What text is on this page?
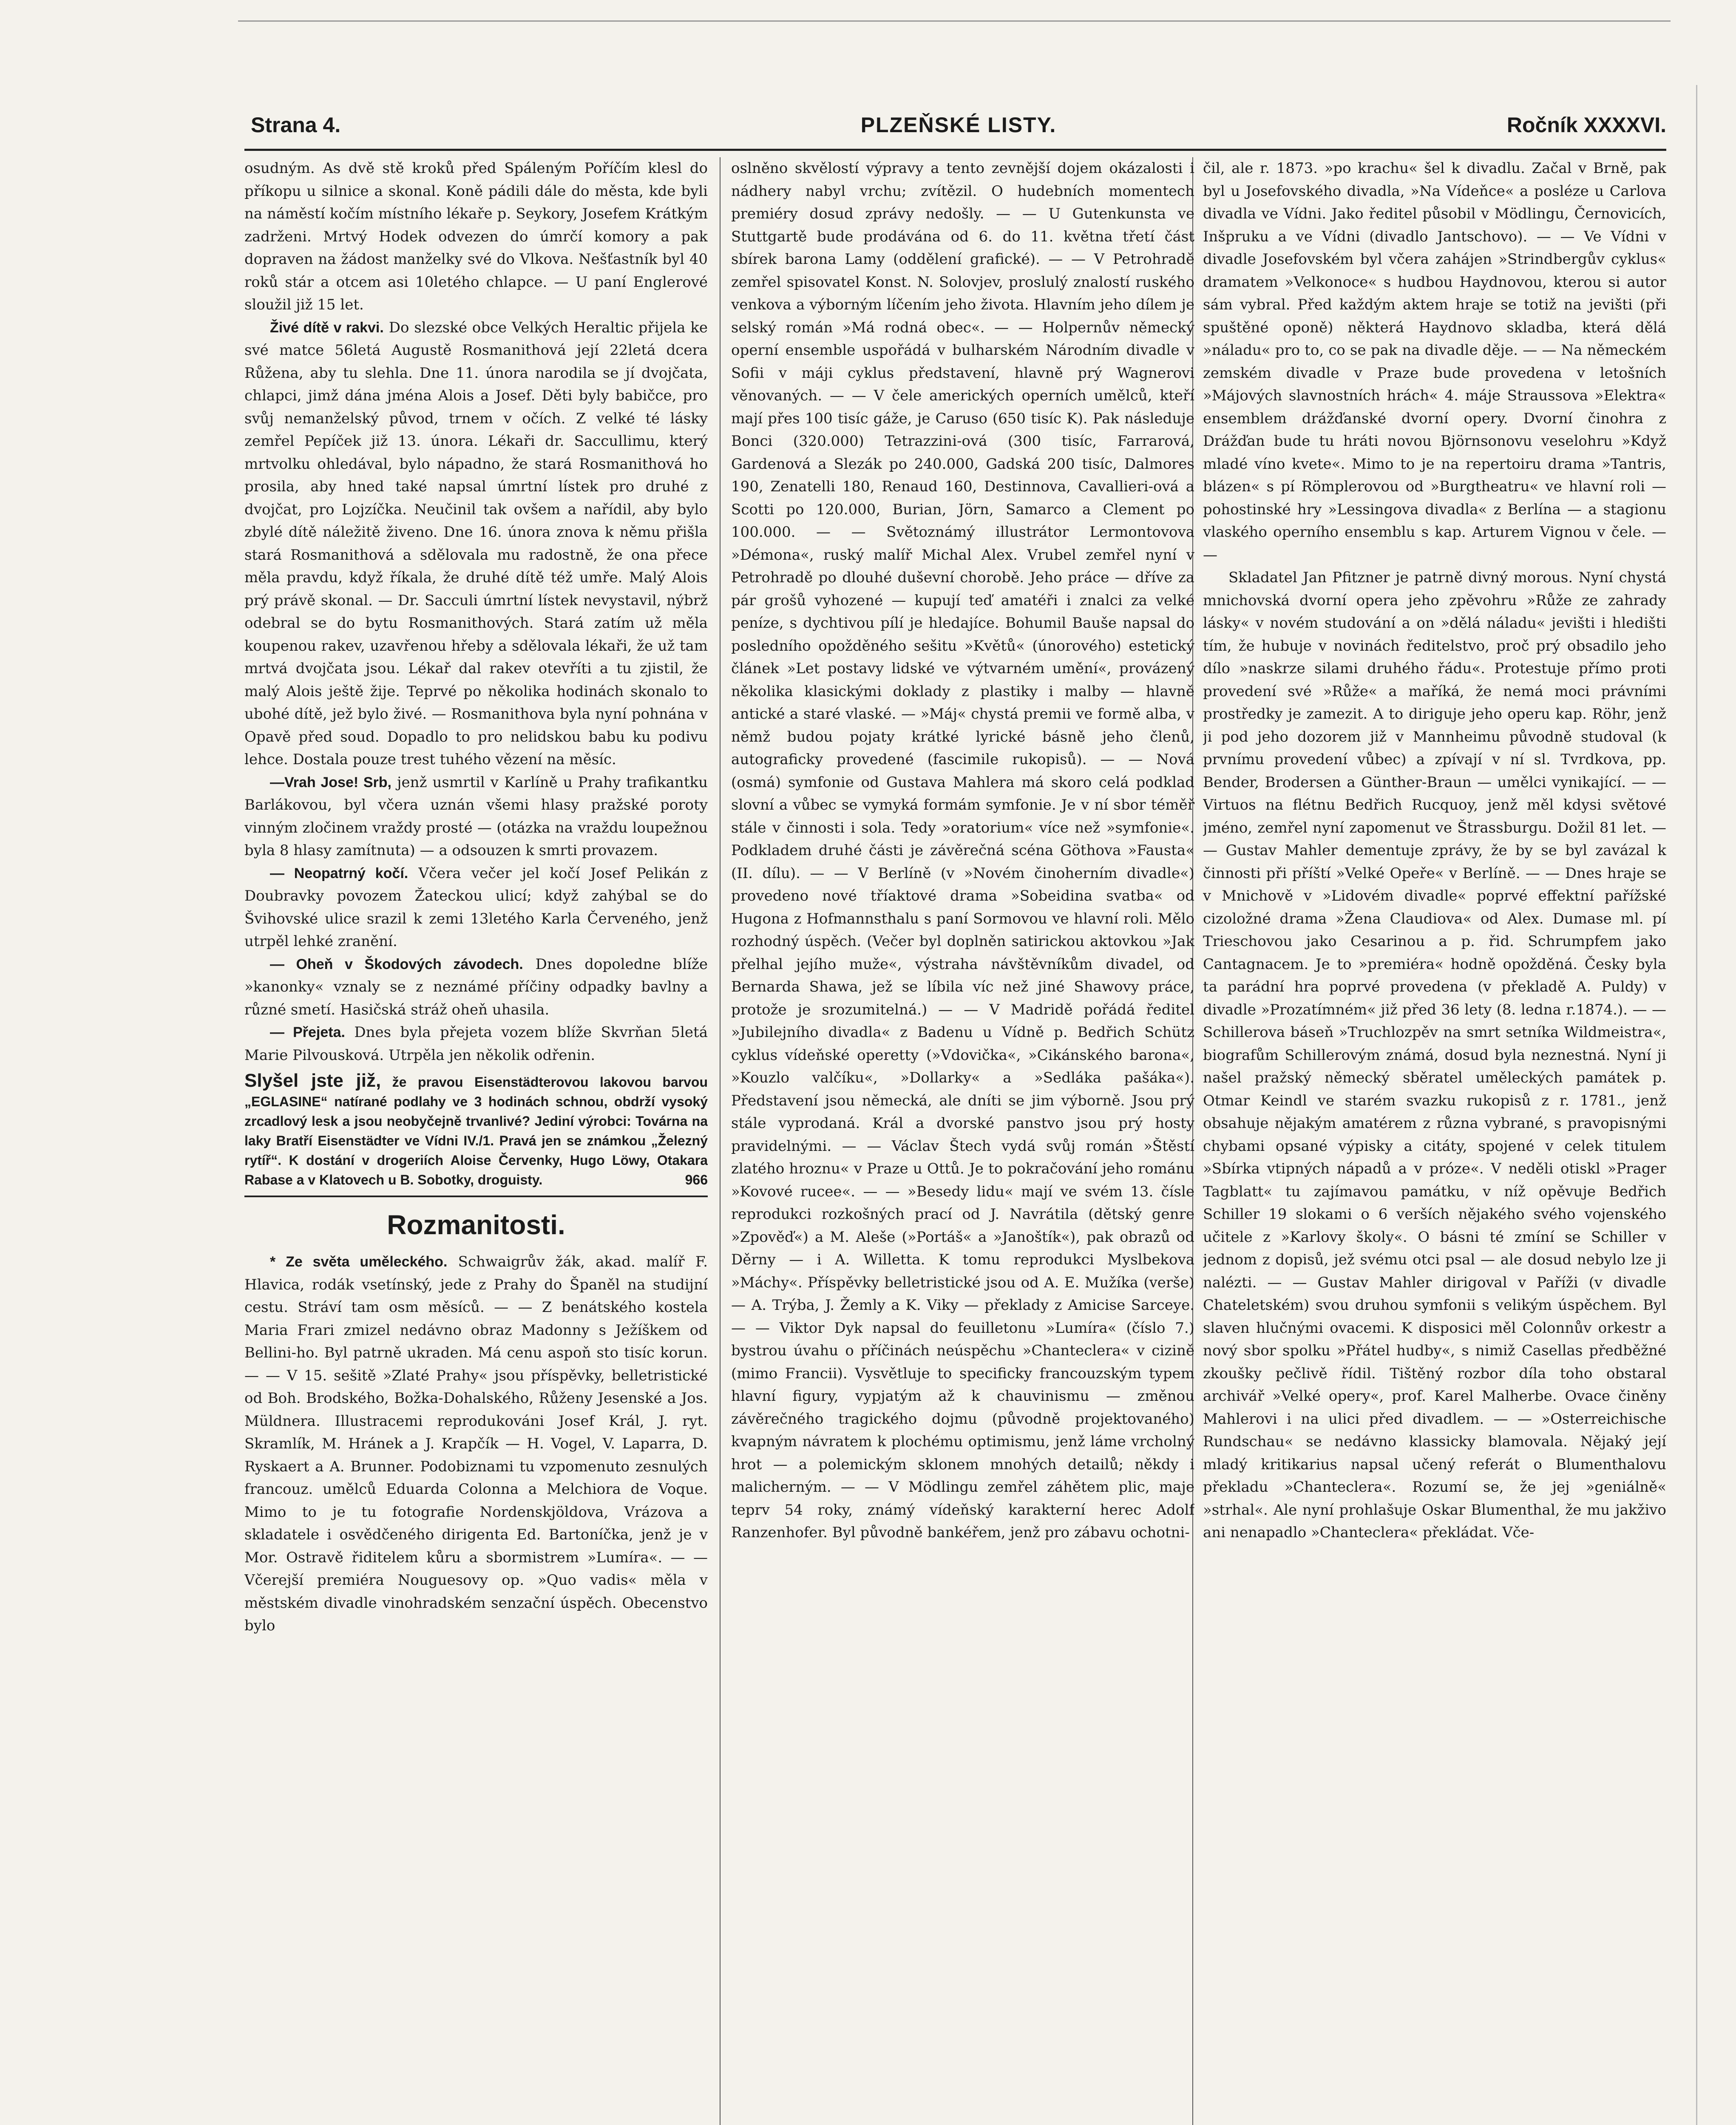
PLZEŇSKÉ LISTY.
Strana 4.	Ročník XXXXVI.

osudným. As dvě stě kroků před Spáleným Poříčím klesl do příkopu u silnice a skonal. Koně pádili dále do města, kde byli na náměstí kočím místního lékaře p. Seykory, Josefem Krátkým zadrženi. Mrtvý Hodek odvezen do úmrčí komory a pak dopraven na žádost manželky své do Vlkova. Nešťastník byl 40 roků stár a otcem asi 10letého chlapce. — U paní Englerové sloužil již 15 let.

Živé dítě v rakvi. Do slezské obce Velkých Heraltic přijela ke své matce 56letá Augustě Rosmanithová její 22letá dcera Růžena, aby tu slehla. Dne 11. února narodila se jí dvojčata, chlapci, jimž dána jména Alois a Josef. Děti byly babičce, pro svůj nemanželský původ, trnem v očích. Z velké té lásky zemřel Pepíček již 13. února. Lékaři dr. Saccullimu, který mrtvolku ohledával, bylo nápadno, že stará Rosmanithová ho prosila, aby hned také napsal úmrtní lístek pro druhé z dvojčat, pro Lojzíčka. Neučinil tak ovšem a nařídil, aby bylo zbylé dítě náležitě živeno. Dne 16. února znova k němu přišla stará Rosmanithová a sdělovala mu radostně, že ona přece měla pravdu, když říkala, že druhé dítě též umře. Malý Alois prý právě skonal. — Dr. Sacculi úmrtní lístek nevystavil, nýbrž odebral se do bytu Rosmanithových. Stará zatím už měla koupenou rakev, uzavřenou hřeby a sdělovala lékaři, že už tam mrtvá dvojčata jsou. Lékař dal rakev otevříti a tu zjistil, že malý Alois ještě žije. Teprvé po několika hodinách skonalo to ubohé dítě, jež bylo živé. — Rosmanithova byla nyní pohnána v Opavě před soud. Dopadlo to pro nelidskou babu ku podivu lehce. Dostala pouze trest tuhého vězení na měsíc.

—Vrah Jose! Srb, jenž usmrtil v Karlíně u Prahy trafikantku Barlákovou, byl včera uznán všemi hlasy pražské poroty vinným zločinem vraždy prosté — (otázka na vraždu loupežnou byla 8 hlasy zamítnuta) — a odsouzen k smrti provazem.

— Neopatrný kočí. Včera večer jel kočí Josef Pelikán z Doubravky povozem Žateckou ulicí; když zahýbal se do Švihovské ulice srazil k zemi 13letého Karla Červeného, jenž utrpěl lehké zranění.

— Oheň v Škodových závodech. Dnes dopoledne blíže »kanonky« vznaly se z neznámé příčiny odpadky bavlny a různé smetí. Hasičská stráž oheň uhasila.

— Přejeta. Dnes byla přejeta vozem blíže Skvrňan 5letá Marie Pilvousková. Utrpěla jen několik odřenin.

Slyšel jste již, že pravou Eisenstädterovou lakovou barvou „EGLASINE“ natírané podlahy ve 3 hodinách schnou, obdrží vysoký zrcadlový lesk a jsou neobyčejně trvanlivé? Jediní výrobci: Továrna na laky Bratří Eisenstädter ve Vídni IV./1. Pravá jen se známkou „Železný rytíř“. K dostání v drogeriích Aloise Červenky, Hugo Löwy, Otakara Rabase a v Klatovech u B. Sobotky, droguisty.	966
Rozmanitosti.

* Ze světa uměleckého. Schwaigrův žák, akad. malíř F. Hlavica, rodák vsetínský, jede z Prahy do Španěl na studijní cestu. Stráví tam osm měsíců. — — Z benátského kostela Maria Frari zmizel nedávno obraz Madonny s Ježíškem od Bellini-ho. Byl patrně ukraden. Má cenu aspoň sto tisíc korun. — — V 15. sešitě »Zlaté Prahy« jsou příspěvky, belletristické od Boh. Brodského, Božka-Dohalského, Růženy Jesenské a Jos. Müldnera. Illustracemi reprodukováni Josef Král, J. ryt. Skramlík, M. Hránek a J. Krapčík — H. Vogel, V. Laparra, D. Ryskaert a A. Brunner. Podobiznami tu vzpomenuto zesnulých francouz. umělců Eduarda Colonna a Melchiora de Voque. Mimo to je tu fotografie Nordenskjöldova, Vrázova a skladatele i osvědčeného dirigenta Ed. Bartoníčka, jenž je v Mor. Ostravě řiditelem kůru a sbormistrem »Lumíra«. — — Včerejší premiéra Nouguesovy op. »Quo vadis« měla v městském divadle vinohradském senzační úspěch. Obecenstvo bylo

oslněno skvělostí výpravy a tento zevnější dojem okázalosti i nádhery nabyl vrchu; zvítězil. O hudebních momentech premiéry dosud zprávy nedošly. — — U Gutenkunsta ve Stuttgartě bude prodávána od 6. do 11. května třetí část sbírek barona Lamy (oddělení grafické). — — V Petrohradě zemřel spisovatel Konst. N. Solovjev, proslulý znalostí ruského venkova a výborným líčením jeho života. Hlavním jeho dílem je selský román »Má rodná obec«. — — Holpernův německý operní ensemble uspořádá v bulharském Národním divadle v Sofii v máji cyklus představení, hlavně prý Wagnerovi věnovaných. — — V čele amerických operních umělců, kteří mají přes 100 tisíc gáže, je Caruso (650 tisíc K). Pak následuje Bonci (320.000) Tetrazzini-ová (300 tisíc, Farrarová, Gardenová a Slezák po 240.000, Gadská 200 tisíc, Dalmores 190, Zenatelli 180, Renaud 160, Destinnova, Cavallieri-ová a Scotti po 120.000, Burian, Jörn, Samarco a Clement po 100.000. — — Světoznámý illustrátor Lermontovova »Démona«, ruský malíř Michal Alex. Vrubel zemřel nyní v Petrohradě po dlouhé duševní chorobě. Jeho práce — dříve za pár grošů vyhozené — kupují teď amatéři i znalci za velké peníze, s dychtivou pílí je hledajíce. Bohumil Bauše napsal do posledního opožděného sešitu »Květů« (únorového) estetický článek »Let postavy lidské ve výtvarném umění«, provázený několika klasickými doklady z plastiky i malby — hlavně antické a staré vlaské. — »Máj« chystá premii ve formě alba, v němž budou pojaty krátké lyrické básně jeho členů, autograficky provedené (fascimile rukopisů). — — Nová (osmá) symfonie od Gustava Mahlera má skoro celá podklad slovní a vůbec se vymyká formám symfonie. Je v ní sbor téměř stále v činnosti i sola. Tedy »oratorium« více než »symfonie«. Podkladem druhé části je závěrečná scéna Göthova »Fausta« (II. dílu). — — V Berlíně (v »Novém činoherním divadle«) provedeno nové tříaktové drama »Sobeidina svatba« od Hugona z Hofmannsthalu s paní Sormovou ve hlavní roli. Mělo rozhodný úspěch. (Večer byl doplněn satirickou aktovkou »Jak přelhal jejího muže«, výstraha návštěvníkům divadel, od Bernarda Shawa, jež se líbila víc než jiné Shawovy práce, protože je srozumitelná.) — — V Madridě pořádá ředitel »Jubilejního divadla« z Badenu u Vídně p. Bedřich Schütz cyklus vídeňské operetty (»Vdovička«, »Cikánského barona«, »Kouzlo valčíku«, »Dollarky« a »Sedláka pašáka«). Představení jsou německá, ale dníti se jim výborně. Jsou prý stále vyprodaná. Král a dvorské panstvo jsou prý hosty pravidelnými. — — Václav Štech vydá svůj román »Štěstí zlatého hroznu« v Praze u Ottů. Je to pokračování jeho románu »Kovové rucee«. — — »Besedy lidu« mají ve svém 13. čísle reprodukci rozkošných prací od J. Navrátila (dětský genre »Zpověď«) a M. Aleše (»Portáš« a »Janoštík«), pak obrazů od Děrny — i A. Willetta. K tomu reprodukci Myslbekova »Máchy«. Příspěvky belletristické jsou od A. E. Mužíka (verše) — A. Trýba, J. Žemly a K. Viky — překlady z Amicise Sarceye. — — Viktor Dyk napsal do feuilletonu »Lumíra« (číslo 7.) bystrou úvahu o příčinách neúspěchu »Chanteclera« v cizině (mimo Francii). Vysvětluje to specificky francouzským typem hlavní figury, vypjatým až k chauvinismu — změnou závěrečného tragického dojmu (původně projektovaného) kvapným návratem k plochému optimismu, jenž láme vrcholný hrot — a polemickým sklonem mnohých detailů; někdy i malicherným. — — V Mödlingu zemřel záhětem plic, maje teprv 54 roky, známý vídeňský karakterní herec Adolf Ranzenhofer. Byl původně bankéřem, jenž pro zábavu ochotni-

čil, ale r. 1873. »po krachu« šel k divadlu. Začal v Brně, pak byl u Josefovského divadla, »Na Vídeňce« a posléze u Carlova divadla ve Vídni. Jako ředitel působil v Mödlingu, Černovicích, Inšpruku a ve Vídni (divadlo Jantschovo). — — Ve Vídni v divadle Josefovském byl včera zahájen »Strindbergův cyklus« dramatem »Velkonoce« s hudbou Haydnovou, kterou si autor sám vybral. Před každým aktem hraje se totiž na jevišti (při spuštěné oponě) některá Haydnovo skladba, která dělá »náladu« pro to, co se pak na divadle děje. — — Na německém zemském divadle v Praze bude provedena v letošních »Májových slavnostních hrách« 4. máje Straussova »Elektra« ensemblem drážďanské dvorní opery. Dvorní činohra z Drážďan bude tu hráti novou Björnsonovu veselohru »Když mladé víno kvete«. Mimo to je na repertoiru drama »Tantris, blázen« s pí Römplerovou od »Burgtheatru« ve hlavní roli — pohostinské hry »Lessingova divadla« z Berlína — a stagionu vlaského operního ensemblu s kap. Arturem Vignou v čele. — —

Skladatel Jan Pfitzner je patrně divný morous. Nyní chystá mnichovská dvorní opera jeho zpěvohru »Růže ze zahrady lásky« v novém studování a on »dělá náladu« jevišti i hledišti tím, že hubuje v novinách ředitelstvo, proč prý obsadilo jeho dílo »naskrze silami druhého řádu«. Protestuje přímo proti provedení své »Růže« a maříká, že nemá moci právními prostředky je zamezit. A to diriguje jeho operu kap. Röhr, jenž ji pod jeho dozorem již v Mannheimu původně studoval (k prvnímu provedení vůbec) a zpívají v ní sl. Tvrdkova, pp. Bender, Brodersen a Günther-Braun — umělci vynikající. — — Virtuos na flétnu Bedřich Rucquoy, jenž měl kdysi světové jméno, zemřel nyní zapomenut ve Štrassburgu. Dožil 81 let. — — Gustav Mahler dementuje zprávy, že by se byl zavázal k činnosti při příští »Velké Opeře« v Berlíně. — — Dnes hraje se v Mnichově v »Lidovém divadle« poprvé effektní pařížské cizoložné drama »Žena Claudiova« od Alex. Dumase ml. pí Trieschovou jako Cesarinou a p. řid. Schrumpfem jako Cantagnacem. Je to »premiéra« hodně opožděná. Česky byla ta parádní hra poprvé provedena (v překladě A. Puldy) v divadle »Prozatímném« již před 36 lety (8. ledna r.1874.). — — Schillerova báseň »Truchlozpěv na smrt setníka Wildmeistra«, biografům Schillerovým známá, dosud byla neznestná. Nyní ji našel pražský německý sběratel uměleckých památek p. Otmar Keindl ve starém svazku rukopisů z r. 1781., jenž obsahuje nějakým amatérem z různa vybrané, s pravopisnými chybami opsané výpisky a citáty, spojené v celek titulem »Sbírka vtipných nápadů a v próze«. V neděli otiskl »Prager Tagblatt« tu zajímavou památku, v níž opěvuje Bedřich Schiller 19 slokami o 6 verších nějakého svého vojenského učitele z »Karlovy školy«. O básni té zmíní se Schiller v jednom z dopisů, jež svému otci psal — ale dosud nebylo lze ji nalézti. — — Gustav Mahler dirigoval v Paříži (v divadle Chateletském) svou druhou symfonii s velikým úspěchem. Byl slaven hlučnými ovacemi. K disposici měl Colonnův orkestr a nový sbor spolku »Přátel hudby«, s nimiž Casellas předběžné zkoušky pečlivě řídil. Tištěný rozbor díla toho obstaral archivář »Velké opery«, prof. Karel Malherbe. Ovace činěny Mahlerovi i na ulici před divadlem. — — »Osterreichische Rundschau« se nedávno klassicky blamovala. Nějaký její mladý kritikarius napsal učený referát o Blumenthalovu překladu »Chanteclera«. Rozumí se, že jej »geniálně« »strhal«. Ale nyní prohlašuje Oskar Blumenthal, že mu jakživo ani nenapadlo »Chanteclera« překládat. Vče-
